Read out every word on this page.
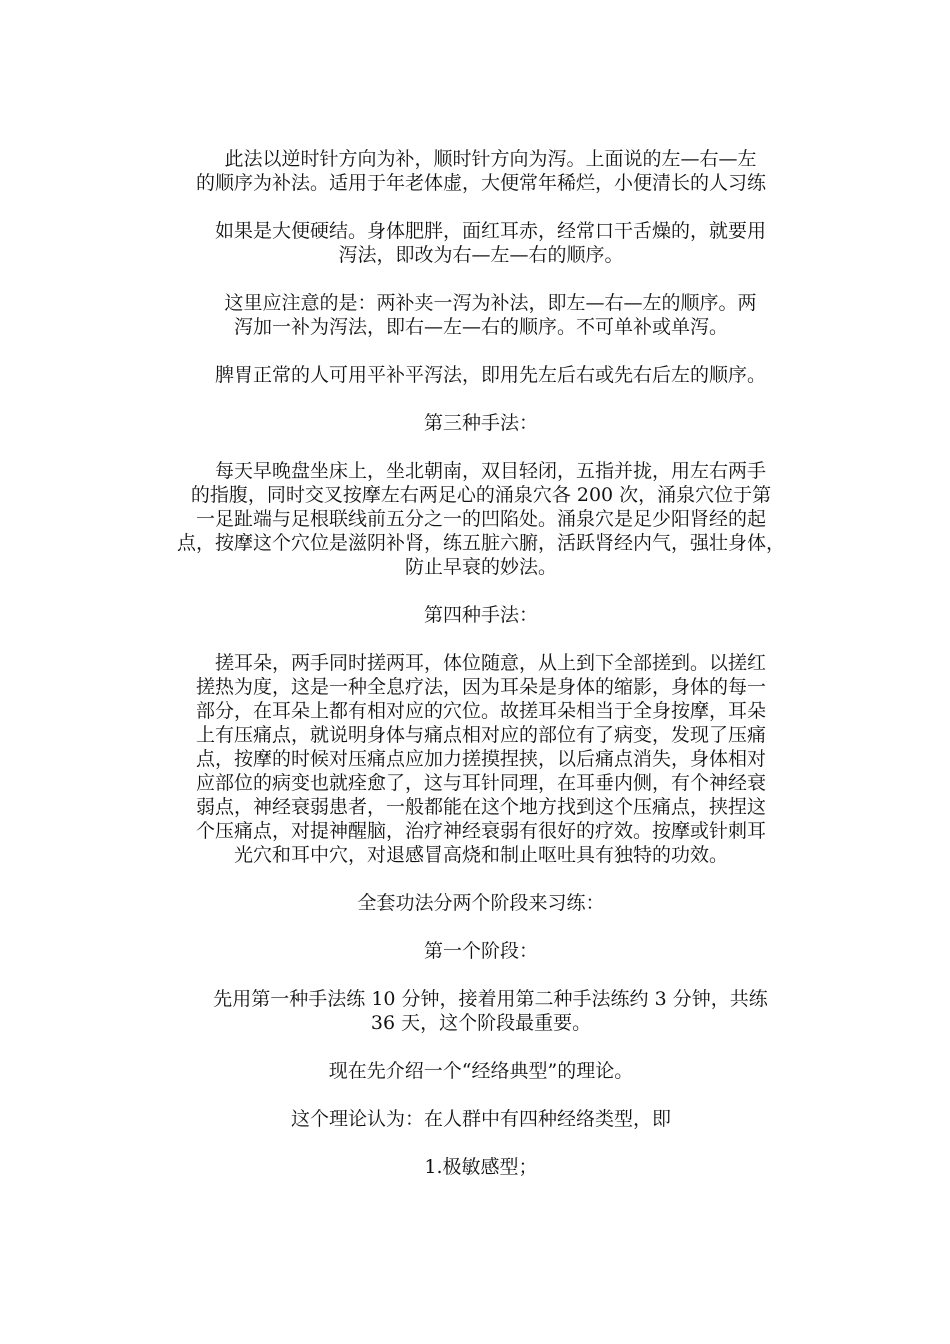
　此法以逆时针方向为补，顺时针方向为泻。上面说的左—右—左
的顺序为补法。适用于年老体虚，大便常年稀烂，小便清长的人习练

　如果是大便硬结。身体肥胖，面红耳赤，经常口干舌燥的，就要用
泻法，即改为右—左—右的顺序。

　这里应注意的是：两补夹一泻为补法，即左—右—左的顺序。两
泻加一补为泻法，即右—左—右的顺序。不可单补或单泻。

　脾胃正常的人可用平补平泻法，即用先左后右或先右后左的顺序。

第三种手法：

　每天早晚盘坐床上，坐北朝南，双目轻闭，五指并拢，用左右两手
的指腹，同时交叉按摩左右两足心的涌泉穴各 200 次，涌泉穴位于第
一足趾端与足根联线前五分之一的凹陷处。涌泉穴是足少阳肾经的起
点，按摩这个穴位是滋阴补肾，练五脏六腑，活跃肾经内气，强壮身体，
防止早衰的妙法。

第四种手法：

　搓耳朵，两手同时搓两耳，体位随意，从上到下全部搓到。以搓红
搓热为度，这是一种全息疗法，因为耳朵是身体的缩影，身体的每一
部分，在耳朵上都有相对应的穴位。故搓耳朵相当于全身按摩，耳朵
上有压痛点，就说明身体与痛点相对应的部位有了病变，发现了压痛
点，按摩的时候对压痛点应加力搓摸捏挟，以后痛点消失，身体相对
应部位的病变也就痊愈了，这与耳针同理，在耳垂内侧，有个神经衰
弱点，神经衰弱患者，一般都能在这个地方找到这个压痛点，挟捏这
个压痛点，对提神醒脑，治疗神经衰弱有很好的疗效。按摩或针刺耳
光穴和耳中穴，对退感冒高烧和制止呕吐具有独特的功效。

全套功法分两个阶段来习练：

第一个阶段：

　先用第一种手法练 10 分钟，接着用第二种手法练约 3 分钟，共练
36 天，这个阶段最重要。

现在先介绍一个“经络典型”的理论。

这个理论认为：在人群中有四种经络类型，即

1.极敏感型；
